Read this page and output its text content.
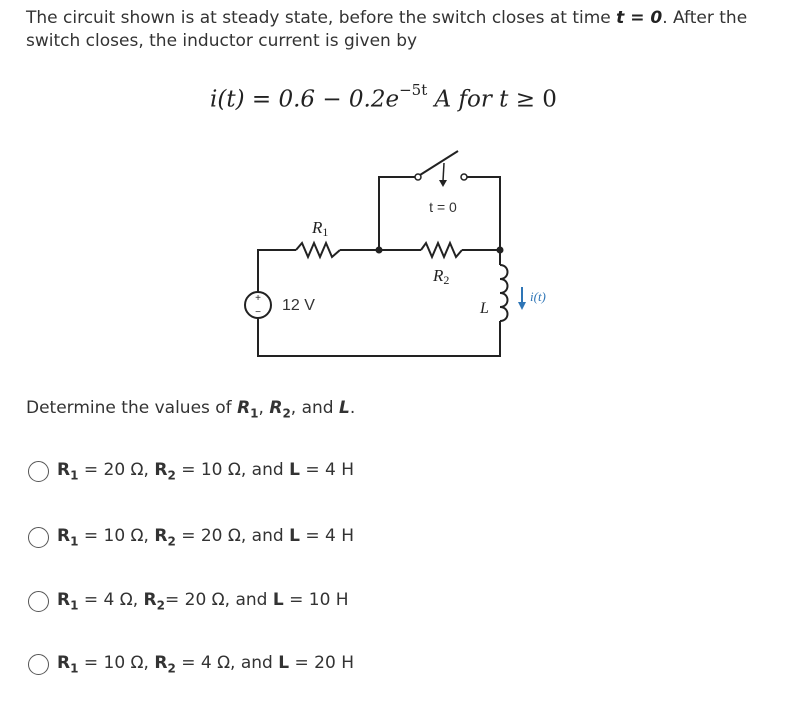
The circuit shown is at steady state, before the switch closes at time t = 0. After the switch closes, the inductor current is given by
$i(t) = 0.6 - 0.2e^{-5t}$ A for t ≥ 0
+
− 12 V
R1
R2
t = 0
L
i(t)
Determine the values of $R_1$, $R_2$, and L.
$R_1 = 20$ Ω, $R_2 = 10$ Ω, and L = 4 H
$R_1 = 10$ Ω, $R_2 = 20$ Ω, and L = 4 H
$R_1 = 4$ Ω, $R_2= 20$ Ω, and L = 10 H
$R_1 = 10$ Ω, $R_2 = 4$ Ω, and L = 20 H
